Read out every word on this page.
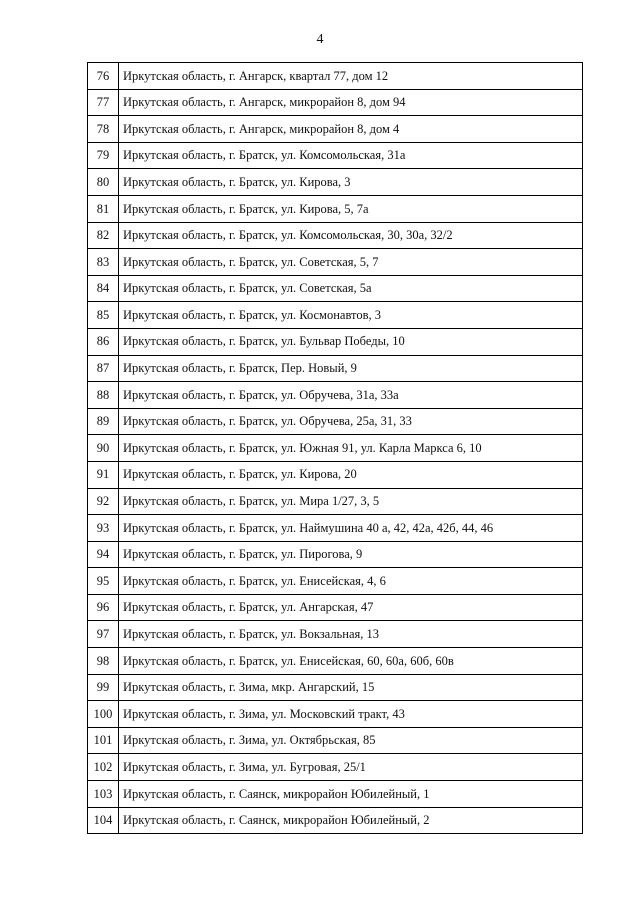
4
76	Иркутская область, г. Ангарск, квартал 77, дом 12
77	Иркутская область, г. Ангарск, микрорайон 8, дом 94
78	Иркутская область, г. Ангарск, микрорайон 8, дом 4
79	Иркутская область, г. Братск, ул. Комсомольская, 31а
80	Иркутская область, г. Братск, ул. Кирова, 3
81	Иркутская область, г. Братск, ул. Кирова, 5, 7а
82	Иркутская область, г. Братск, ул. Комсомольская, 30, 30а, 32/2
83	Иркутская область, г. Братск, ул. Советская, 5, 7
84	Иркутская область, г. Братск, ул. Советская, 5а
85	Иркутская область, г. Братск, ул. Космонавтов, 3
86	Иркутская область, г. Братск, ул. Бульвар Победы, 10
87	Иркутская область, г. Братск, Пер. Новый, 9
88	Иркутская область, г. Братск, ул. Обручева, 31а, 33а
89	Иркутская область, г. Братск, ул. Обручева, 25а, 31, 33
90	Иркутская область, г. Братск, ул. Южная 91, ул. Карла Маркса 6, 10
91	Иркутская область, г. Братск, ул. Кирова, 20
92	Иркутская область, г. Братск, ул. Мира 1/27, 3, 5
93	Иркутская область, г. Братск, ул. Наймушина 40 а, 42, 42а, 42б, 44, 46
94	Иркутская область, г. Братск, ул. Пирогова, 9
95	Иркутская область, г. Братск, ул. Енисейская, 4, 6
96	Иркутская область, г. Братск, ул. Ангарская, 47
97	Иркутская область, г. Братск, ул. Вокзальная, 13
98	Иркутская область, г. Братск, ул. Енисейская, 60, 60а, 60б, 60в
99	Иркутская область, г. Зима, мкр. Ангарский, 15
100	Иркутская область, г. Зима, ул. Московский тракт, 43
101	Иркутская область, г. Зима, ул. Октябрьская, 85
102	Иркутская область, г. Зима, ул. Бугровая, 25/1
103	Иркутская область, г. Саянск, микрорайон Юбилейный, 1
104	Иркутская область, г. Саянск, микрорайон Юбилейный, 2
